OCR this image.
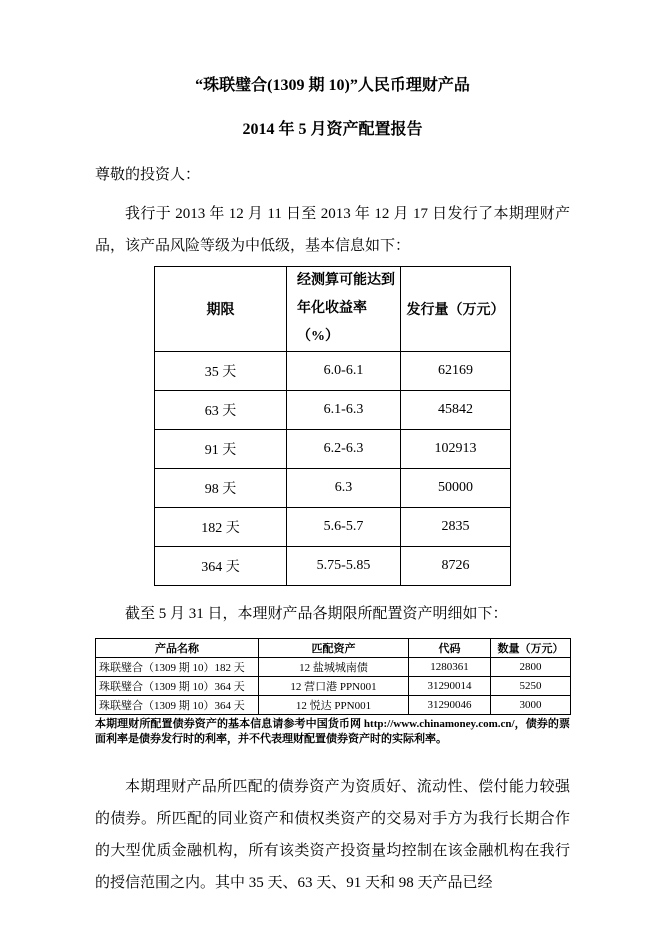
“珠联璧合(1309 期 10)”人民币理财产品

2014 年 5 月资产配置报告

尊敬的投资人：

我行于 2013 年 12 月 11 日至 2013 年 12 月 17 日发行了本期理财产品，该产品风险等级为中低级，基本信息如下：

期限	经测算可能达到年化收益率 （%）	发行量（万元）
35 天	6.0-6.1	62169
63 天	6.1-6.3	45842
91 天	6.2-6.3	102913
98 天	6.3	50000
182 天	5.6-5.7	2835
364 天	5.75-5.85	8726

截至 5 月 31 日，本理财产品各期限所配置资产明细如下：

产品名称	匹配资产	代码	数量（万元）
珠联璧合（1309 期 10）182 天	12 盐城城南债	1280361	2800
珠联璧合（1309 期 10）364 天	12 营口港 PPN001	31290014	5250
珠联璧合（1309 期 10）364 天	12 悦达 PPN001	31290046	3000

本期理财所配置债券资产的基本信息请参考中国货币网 http://www.chinamoney.com.cn/，债券的票面利率是债券发行时的利率，并不代表理财配置债券资产时的实际利率。

本期理财产品所匹配的债券资产为资质好、流动性、偿付能力较强的债券。所匹配的同业资产和债权类资产的交易对手方为我行长期合作的大型优质金融机构，所有该类资产投资量均控制在该金融机构在我行的授信范围之内。其中 35 天、63 天、91 天和 98 天产品已经
